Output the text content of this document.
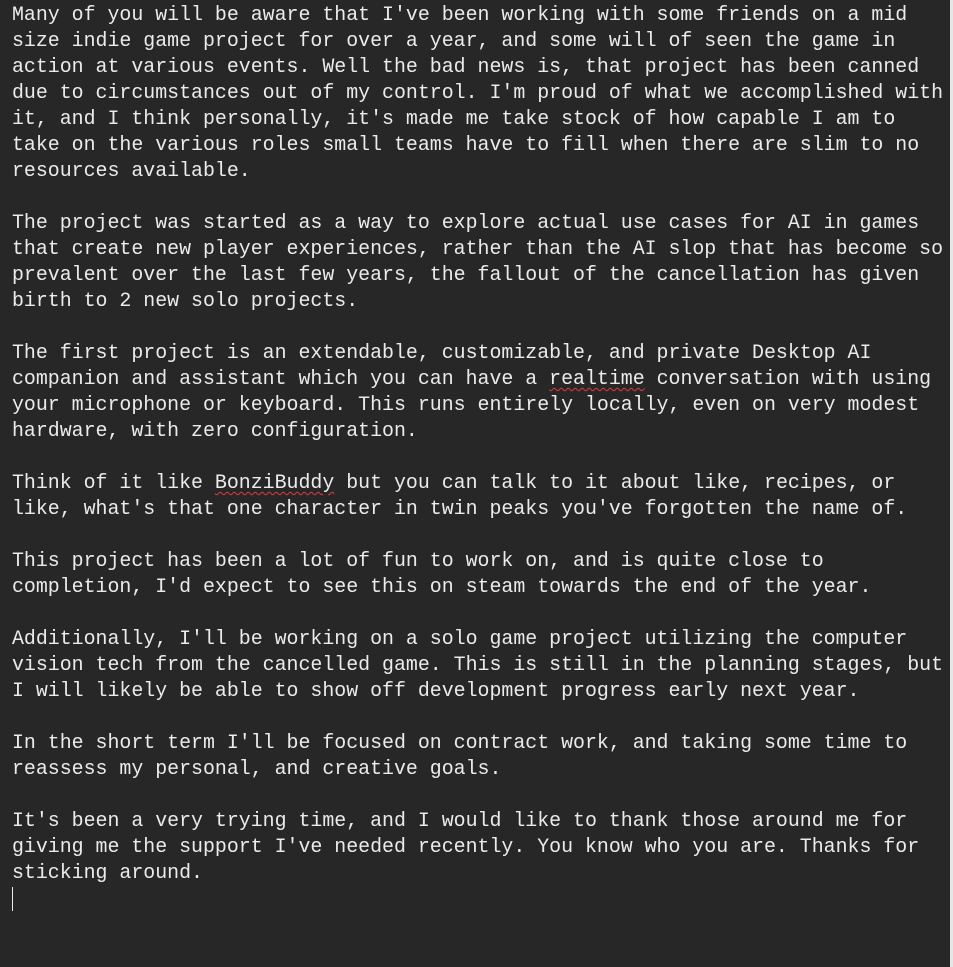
Many of you will be aware that I've been working with some friends on a mid
size indie game project for over a year, and some will of seen the game in
action at various events. Well the bad news is, that project has been canned
due to circumstances out of my control. I'm proud of what we accomplished with
it, and I think personally, it's made me take stock of how capable I am to
take on the various roles small teams have to fill when there are slim to no
resources available.
The project was started as a way to explore actual use cases for AI in games
that create new player experiences, rather than the AI slop that has become so
prevalent over the last few years, the fallout of the cancellation has given
birth to 2 new solo projects.
The first project is an extendable, customizable, and private Desktop AI
companion and assistant which you can have a realtime conversation with using
your microphone or keyboard. This runs entirely locally, even on very modest
hardware, with zero configuration.
Think of it like BonziBuddy but you can talk to it about like, recipes, or
like, what's that one character in twin peaks you've forgotten the name of.
This project has been a lot of fun to work on, and is quite close to
completion, I'd expect to see this on steam towards the end of the year.
Additionally, I'll be working on a solo game project utilizing the computer
vision tech from the cancelled game. This is still in the planning stages, but
I will likely be able to show off development progress early next year.
In the short term I'll be focused on contract work, and taking some time to
reassess my personal, and creative goals.
It's been a very trying time, and I would like to thank those around me for
giving me the support I've needed recently. You know who you are. Thanks for
sticking around.
